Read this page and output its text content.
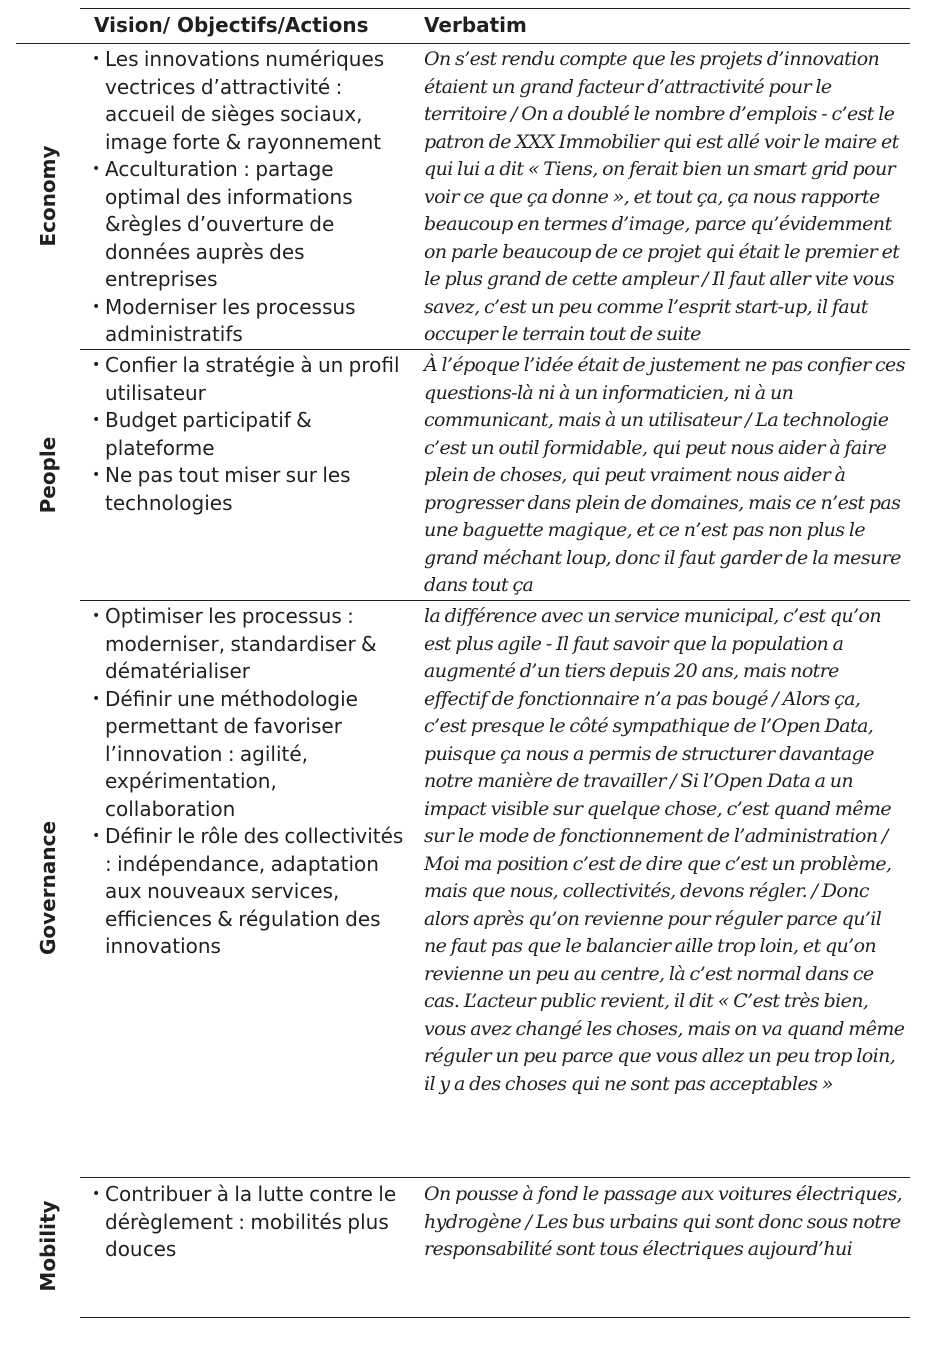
Vision/ Objectifs/Actions	Verbatim
Economy
• Les innovations numériques vectrices d’attractivité : accueil de sièges sociaux, image forte & rayonnement
• Acculturation : partage optimal des informations &règles d’ouverture de données auprès des entreprises
• Moderniser les processus administratifs

On s’est rendu compte que les projets d’innovation étaient un grand facteur d’attractivité pour le territoire / On a doublé le nombre d’emplois - c’est le patron de XXX Immobilier qui est allé voir le maire et qui lui a dit « Tiens, on ferait bien un smart grid pour voir ce que ça donne », et tout ça, ça nous rapporte beaucoup en termes d’image, parce qu’évidemment on parle beaucoup de ce projet qui était le premier et le plus grand de cette ampleur / Il faut aller vite vous savez, c’est un peu comme l’esprit start-up, il faut occuper le terrain tout de suite

People
• Confier la stratégie à un profil utilisateur
• Budget participatif & plateforme
• Ne pas tout miser sur les technologies

À l’époque l’idée était de justement ne pas confier ces questions-là ni à un informaticien, ni à un communicant, mais à un utilisateur / La technologie c’est un outil formidable, qui peut nous aider à faire plein de choses, qui peut vraiment nous aider à progresser dans plein de domaines, mais ce n’est pas une baguette magique, et ce n’est pas non plus le grand méchant loup, donc il faut garder de la mesure dans tout ça

Governance
• Optimiser les processus : moderniser, standardiser & dématérialiser
• Définir une méthodologie permettant de favoriser l’innovation : agilité, expérimentation, collaboration
• Définir le rôle des collectivités : indépendance, adaptation aux nouveaux services, efficiences & régulation des innovations

la différence avec un service municipal, c’est qu’on est plus agile - Il faut savoir que la population a augmenté d’un tiers depuis 20 ans, mais notre effectif de fonctionnaire n’a pas bougé / Alors ça, c’est presque le côté sympathique de l’Open Data, puisque ça nous a permis de structurer davantage notre manière de travailler / Si l’Open Data a un impact visible sur quelque chose, c’est quand même sur le mode de fonctionnement de l’administration / Moi ma position c’est de dire que c’est un problème, mais que nous, collectivités, devons régler. / Donc alors après qu’on revienne pour réguler parce qu’il ne faut pas que le balancier aille trop loin, et qu’on revienne un peu au centre, là c’est normal dans ce cas. L’acteur public revient, il dit « C’est très bien, vous avez changé les choses, mais on va quand même réguler un peu parce que vous allez un peu trop loin, il y a des choses qui ne sont pas acceptables »

Mobility
• Contribuer à la lutte contre le dérèglement : mobilités plus douces

On pousse à fond le passage aux voitures électriques, hydrogène / Les bus urbains qui sont donc sous notre responsabilité sont tous électriques aujourd’hui
